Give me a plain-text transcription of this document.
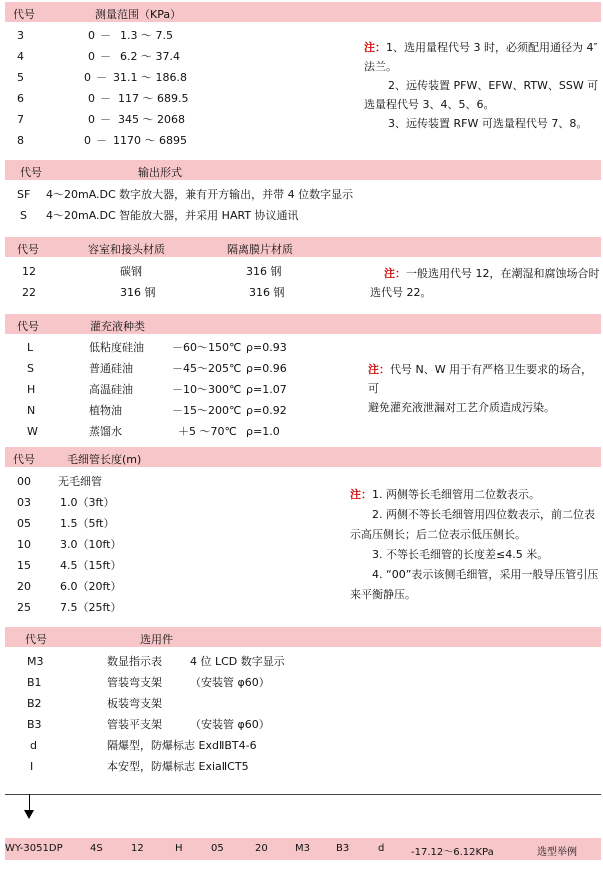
代号	测量范围（KPa）
3	0 － 1.3 ～ 7.5
4	0 － 6.2 ～ 37.4
5	0 － 31.1 ～ 186.8
6	0 － 117 ～ 689.5
7	0 － 345 ～ 2068
8	0 － 1170 ～ 6895

注：1、选用量程代号 3 时，必须配用通径为 4″法兰。

2、远传装置 PFW、EFW、RTW、SSW 可选量程代号 3、4、5、6。

3、远传装置 RFW 可选量程代号 7、8。

代号	输出形式
SF 4～20mA.DC 数字放大器，兼有开方输出，并带 4 位数字显示
S 4～20mA.DC 智能放大器，并采用 HART 协议通讯
代号	容室和接头材质	隔离膜片材质
12	碳钢	316 钢
22	316 钢	316 钢

注：一般选用代号 12，在潮湿和腐蚀场合时选代号 22。

代号	灌充液种类
L	低粘度硅油	－60～150℃ ρ=0.93
S	普通硅油	－45～205℃ ρ=0.96
H	高温硅油	－10～300℃ ρ=1.07
N	植物油	－15～200℃ ρ=0.92
W	蒸馏水	＋5 ～70℃ ρ=1.0

注：代号 N、W 用于有严格卫生要求的场合，可

避免灌充液泄漏对工艺介质造成污染。

代号	毛细管长度(m)
00 无毛细管
03	1.0（3ft）
05	1.5（5ft）
10	3.0（10ft）
15	4.5（15ft）
20	6.0（20ft）
25	7.5（25ft）

注：1. 两侧等长毛细管用二位数表示。

2. 两侧不等长毛细管用四位数表示，前二位表示高压侧长；后二位表示低压侧长。

3. 不等长毛细管的长度差≤4.5 米。

4. “00”表示该侧毛细管，采用一般导压管引压来平衡静压。

代号	选用件
M3	数显指示表	4 位 LCD 数字显示
B1	管装弯支架	（安装管 φ60）
B2	板装弯支架
B3	管装平支架	（安装管 φ60）
d	隔爆型，防爆标志 ExdⅡBT4-6
I	本安型，防爆标志 ExiaⅡCT5
WY-3051DP	4S	12	H	05	20	M3	B3	d	-17.12～6.12KPa	选型举例
